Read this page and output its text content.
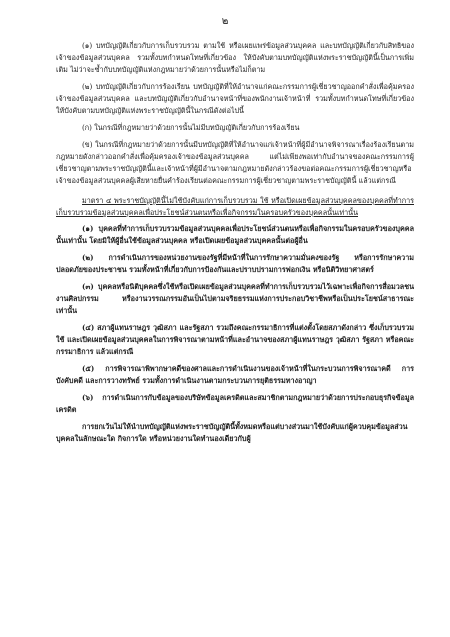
๒

(๑) บทบัญญัติเกี่ยวกับการเก็บรวบรวม ตามใช้ หรือเผยแพร่ข้อมูลส่วนบุคคล และบทบัญญัติเกี่ยวกับสิทธิของเจ้าของข้อมูลส่วนบุคคล รวมทั้งบทกำหนดโทษที่เกี่ยวข้อง ให้บังคับตามบทบัญญัติแห่งพระราชบัญญัตินี้เป็นการเพิ่มเติม ไม่ว่าจะซ้ำกับบทบัญญัติแห่งกฎหมายว่าด้วยการนั้นหรือไม่ก็ตาม

(๒) บทบัญญัติเกี่ยวกับการร้องเรียน บทบัญญัติที่ให้อำนาจแก่คณะกรรมการผู้เชี่ยวชาญออกคำสั่งเพื่อคุ้มครองเจ้าของข้อมูลส่วนบุคคล และบทบัญญัติเกี่ยวกับอำนาจหน้าที่ของพนักงานเจ้าหน้าที่ รวมทั้งบทกำหนดโทษที่เกี่ยวข้อง ให้บังคับตามบทบัญญัติแห่งพระราชบัญญัตินี้ในกรณีดังต่อไปนี้

(ก) ในกรณีที่กฎหมายว่าด้วยการนั้นไม่มีบทบัญญัติเกี่ยวกับการร้องเรียน

(ข) ในกรณีที่กฎหมายว่าด้วยการนั้นมีบทบัญญัติที่ให้อำนาจแก่เจ้าหน้าที่ผู้มีอำนาจพิจารณาเรื่องร้องเรียนตามกฎหมายดังกล่าวออกคำสั่งเพื่อคุ้มครองเจ้าของข้อมูลส่วนบุคคล แต่ไม่เพียงพอเท่ากับอำนาจของคณะกรรมการผู้เชี่ยวชาญตามพระราชบัญญัตินี้และเจ้าหน้าที่ผู้มีอำนาจตามกฎหมายดังกล่าวร้องขอต่อคณะกรรมการผู้เชี่ยวชาญหรือเจ้าของข้อมูลส่วนบุคคลผู้เสียหายยื่นคำร้องเรียนต่อคณะกรรมการผู้เชี่ยวชาญตามพระราชบัญญัตินี้ แล้วแต่กรณี

มาตรา ๔ พระราชบัญญัตินี้ไม่ใช้บังคับแก่การเก็บรวบรวม ใช้ หรือเปิดเผยข้อมูลส่วนบุคคลของบุคคลที่ทำการเก็บรวบรวมข้อมูลส่วนบุคคลเพื่อประโยชน์ส่วนตนหรือเพื่อกิจกรรมในครอบครัวของบุคคลนั้นเท่านั้น

(๑) บุคคลที่ทำการเก็บรวบรวมข้อมูลส่วนบุคคลเพื่อประโยชน์ส่วนตนหรือเพื่อกิจกรรมในครอบครัวของบุคคลนั้นเท่านั้น โดยมิให้ผู้อื่นใช้ข้อมูลส่วนบุคคล หรือเปิดเผยข้อมูลส่วนบุคคลนั้นต่อผู้อื่น

(๒) การดำเนินการของหน่วยงานของรัฐที่มีหน้าที่ในการรักษาความมั่นคงของรัฐ หรือการรักษาความปลอดภัยของประชาชน รวมทั้งหน้าที่เกี่ยวกับการป้องกันและปราบปรามการฟอกเงิน หรือนิติวิทยาศาสตร์

(๓) บุคคลหรือนิติบุคคลซึ่งใช้หรือเปิดเผยข้อมูลส่วนบุคคลที่ทำการเก็บรวบรวมไว้เฉพาะเพื่อกิจการสื่อมวลชน งานศิลปกรรม หรืองานวรรณกรรมอันเป็นไปตามจริยธรรมแห่งการประกอบวิชาชีพหรือเป็นประโยชน์สาธารณะเท่านั้น

(๔) สภาผู้แทนราษฎร วุฒิสภา และรัฐสภา รวมถึงคณะกรรมาธิการที่แต่งตั้งโดยสภาดังกล่าว ซึ่งเก็บรวบรวม ใช้ และเปิดเผยข้อมูลส่วนบุคคลในการพิจารณาตามหน้าที่และอำนาจของสภาผู้แทนราษฎร วุฒิสภา รัฐสภา หรือคณะกรรมาธิการ แล้วแต่กรณี

(๕) การพิจารณาพิพากษาคดีของศาลและการดำเนินงานของเจ้าหน้าที่ในกระบวนการพิจารณาคดี การบังคับคดี และการวางทรัพย์ รวมทั้งการดำเนินงานตามกระบวนการยุติธรรมทางอาญา

(๖) การดำเนินการกับข้อมูลของบริษัทข้อมูลเครดิตและสมาชิกตามกฎหมายว่าด้วยการประกอบธุรกิจข้อมูลเครดิต

การยกเว้นไม่ให้นำบทบัญญัติแห่งพระราชบัญญัตินี้ทั้งหมดหรือแต่บางส่วนมาใช้บังคับแก่ผู้ควบคุมข้อมูลส่วนบุคคลในลักษณะใด กิจการใด หรือหน่วยงานใดทำนองเดียวกับผู้
